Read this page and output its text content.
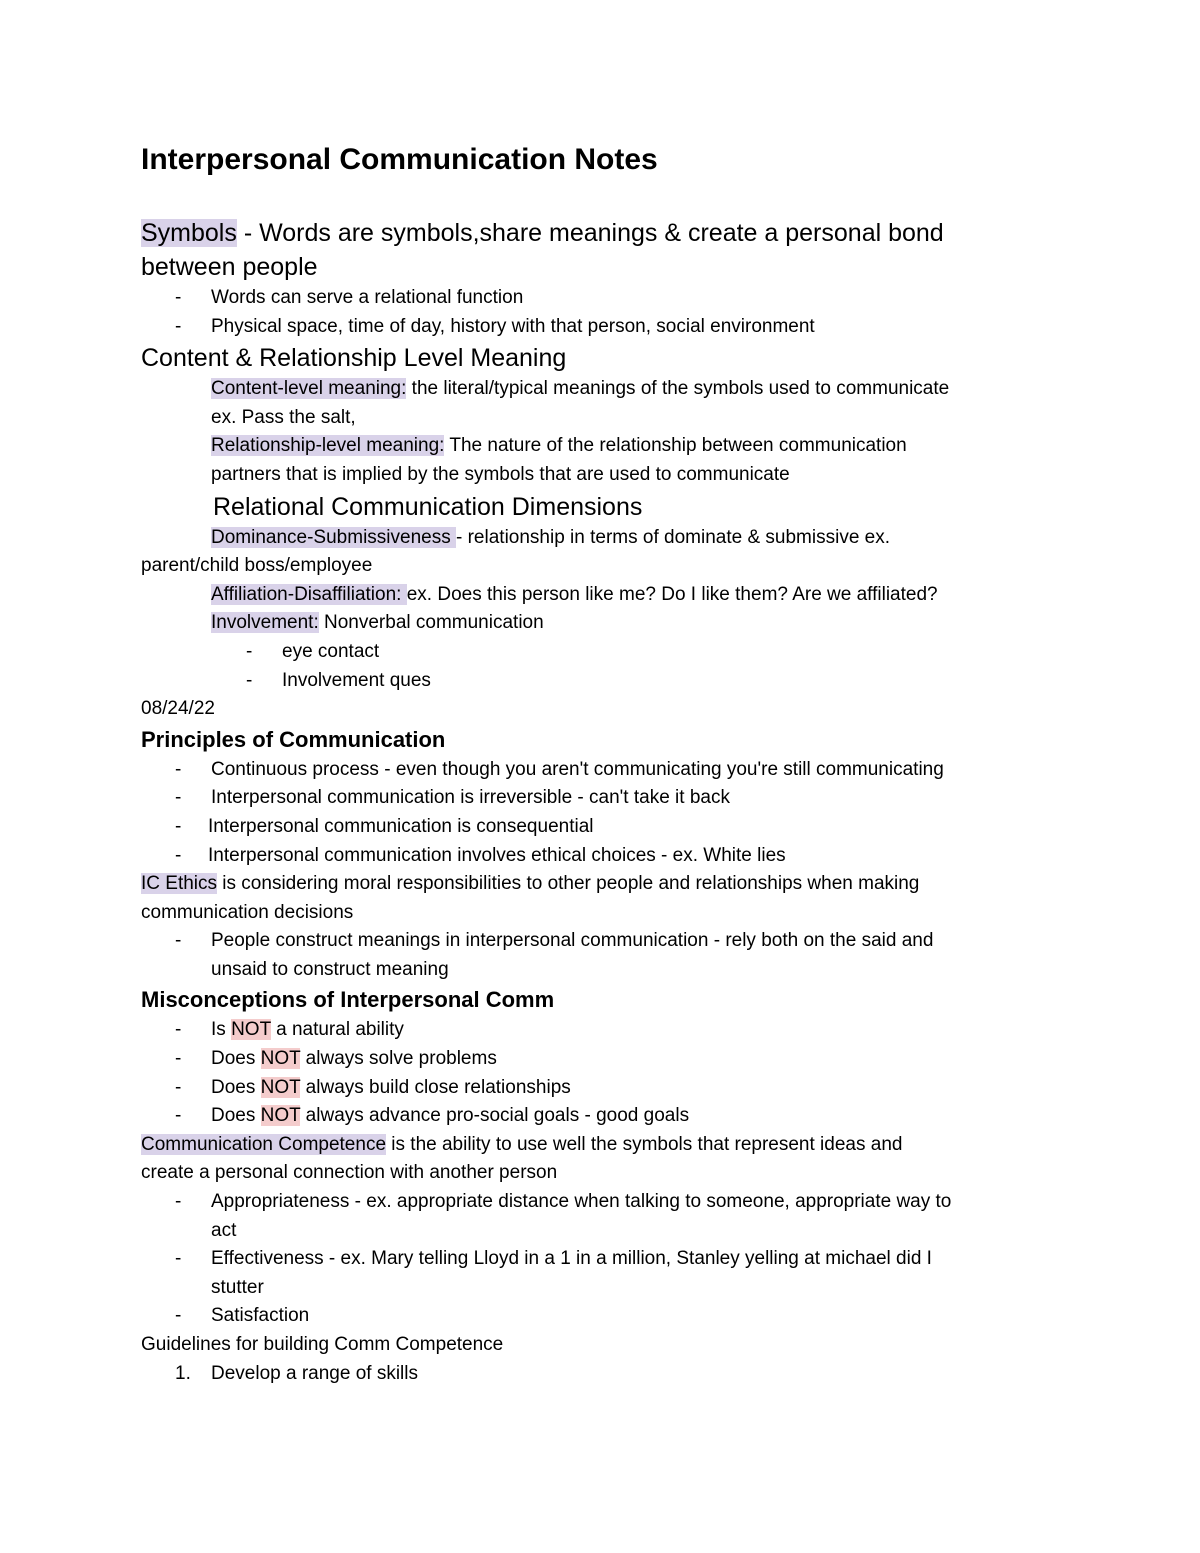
Interpersonal Communication Notes
Symbols - Words are symbols,share meanings & create a personal bond
between people
- Words can serve a relational function
- Physical space, time of day, history with that person, social environment
Content & Relationship Level Meaning

Content-level meaning: the literal/typical meanings of the symbols used to communicate

ex. Pass the salt,

Relationship-level meaning: The nature of the relationship between communication

partners that is implied by the symbols that are used to communicate

Relational Communication Dimensions

Dominance-Submissiveness - relationship in terms of dominate & submissive ex.

parent/child boss/employee

Affiliation-Disaffiliation: ex. Does this person like me? Do I like them? Are we affiliated?

Involvement: Nonverbal communication

- eye contact
- Involvement ques

08/24/22

Principles of Communication
- Continuous process - even though you aren't communicating you're still communicating
- Interpersonal communication is irreversible - can't take it back
- Interpersonal communication is consequential
- Interpersonal communication involves ethical choices - ex. White lies

IC Ethics is considering moral responsibilities to other people and relationships when making

communication decisions

- People construct meanings in interpersonal communication - rely both on the said and

unsaid to construct meaning

Misconceptions of Interpersonal Comm
- Is NOT a natural ability
- Does NOT always solve problems
- Does NOT always build close relationships
- Does NOT always advance pro-social goals - good goals

Communication Competence is the ability to use well the symbols that represent ideas and

create a personal connection with another person

- Appropriateness - ex. appropriate distance when talking to someone, appropriate way to

act

- Effectiveness - ex. Mary telling Lloyd in a 1 in a million, Stanley yelling at michael did I

stutter

- Satisfaction

Guidelines for building Comm Competence

1. Develop a range of skills
